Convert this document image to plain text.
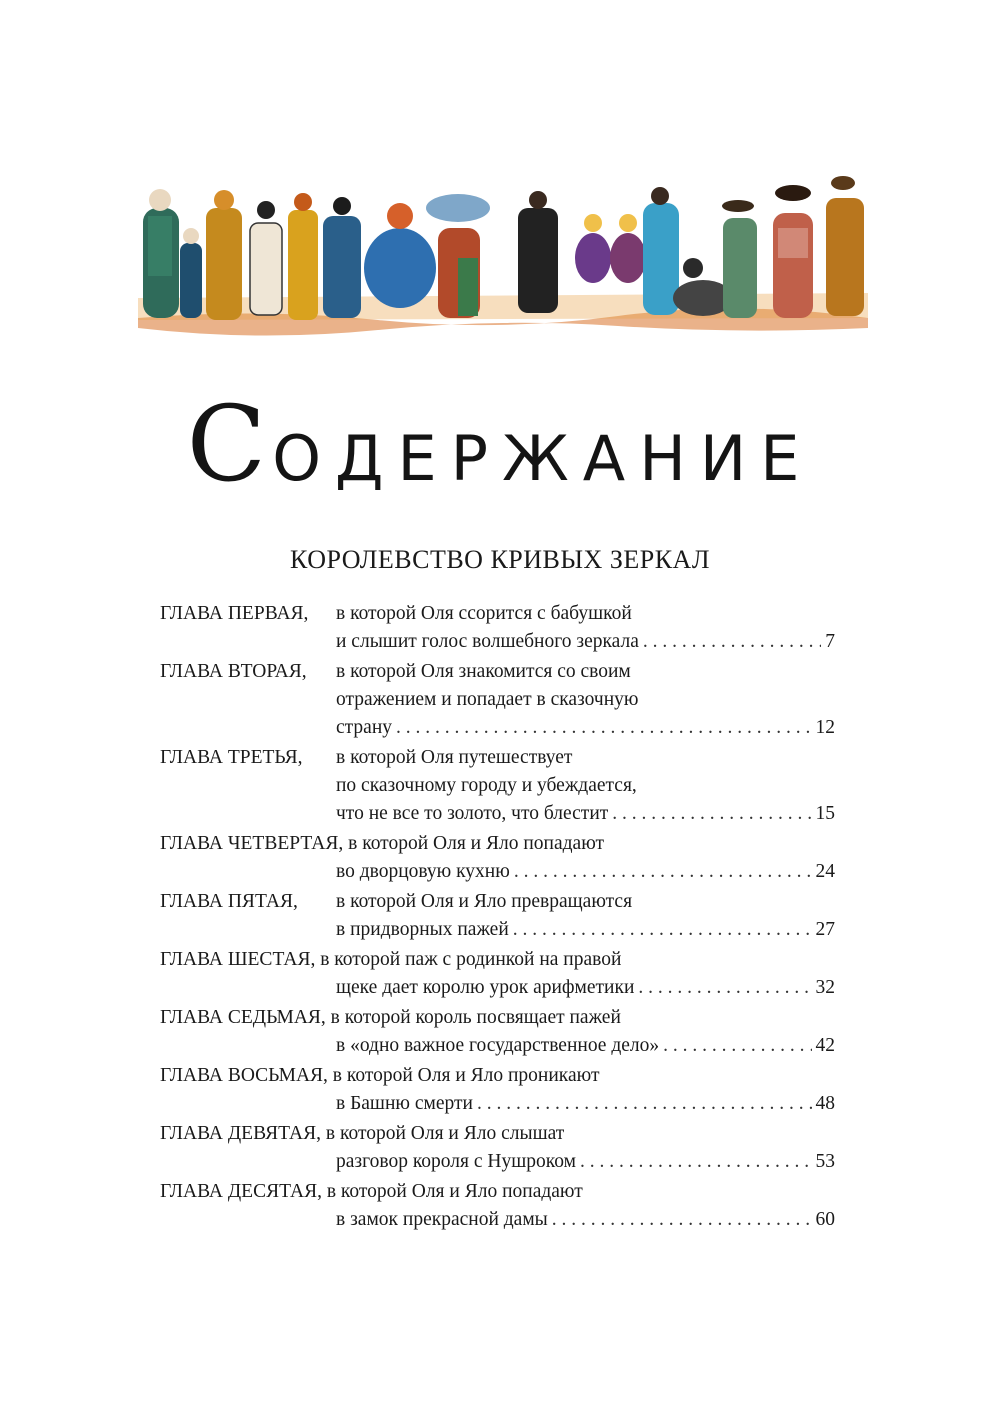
СОДЕРЖАНИЕ
КОРОЛЕВСТВО КРИВЫХ ЗЕРКАЛ
ГЛАВА ПЕРВАЯ, в которой Оля ссорится с бабушкой
и слышит голос волшебного зеркала . . .	7
ГЛАВА ВТОРАЯ, в которой Оля знакомится со своим
отражением и попадает в сказочную
страну . . .	12
ГЛАВА ТРЕТЬЯ, в которой Оля путешествует
по сказочному городу и убеждается,
что не все то золото, что блестит . . .	15
ГЛАВА ЧЕТВЕРТАЯ, в которой Оля и Яло попадают
во дворцовую кухню . . .	24
ГЛАВА ПЯТАЯ, в которой Оля и Яло превращаются
в придворных пажей . . .	27
ГЛАВА ШЕСТАЯ, в которой паж с родинкой на правой
щеке дает королю урок арифметики . . .	32
ГЛАВА СЕДЬМАЯ, в которой король посвящает пажей
в «одно важное государственное дело» . . .	42
ГЛАВА ВОСЬМАЯ, в которой Оля и Яло проникают
в Башню смерти . . .	48
ГЛАВА ДЕВЯТАЯ, в которой Оля и Яло слышат
разговор короля с Нушроком . . .	53
ГЛАВА ДЕСЯТАЯ, в которой Оля и Яло попадают
в замок прекрасной дамы . . .	60
